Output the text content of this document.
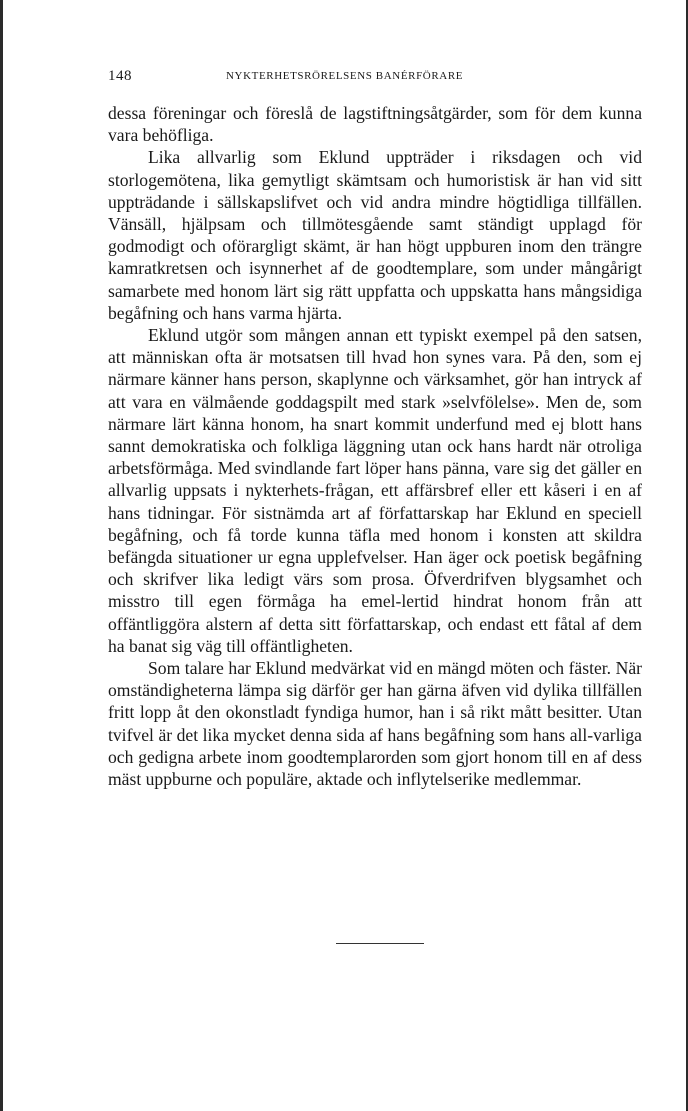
148	NYKTERHETSRÖRELSENS BANÉRFÖRARE

dessa föreningar och föreslå de lagstiftningsåtgärder, som för dem kunna vara behöfliga.

Lika allvarlig som Eklund uppträder i riksdagen och vid storlogemötena, lika gemytligt skämtsam och humoristisk är han vid sitt uppträdande i sällskapslifvet och vid andra mindre högtidliga tillfällen. Vänsäll, hjälpsam och tillmötesgående samt ständigt upplagd för godmodigt och oförargligt skämt, är han högt uppburen inom den trängre kamratkretsen och isynnerhet af de goodtemplare, som under mångårigt samarbete med honom lärt sig rätt uppfatta och uppskatta hans mångsidiga begåfning och hans varma hjärta.

Eklund utgör som mången annan ett typiskt exempel på den satsen, att människan ofta är motsatsen till hvad hon synes vara. På den, som ej närmare känner hans person, skaplynne och värksamhet, gör han intryck af att vara en välmående goddagspilt med stark »selvfölelse». Men de, som närmare lärt känna honom, ha snart kommit underfund med ej blott hans sannt demokratiska och folkliga läggning utan ock hans hardt när otroliga arbetsförmåga. Med svindlande fart löper hans pänna, vare sig det gäller en allvarlig uppsats i nykterhets-frågan, ett affärsbref eller ett kåseri i en af hans tidningar. För sistnämda art af författarskap har Eklund en speciell begåfning, och få torde kunna täfla med honom i konsten att skildra befängda situationer ur egna upplefvelser. Han äger ock poetisk begåfning och skrifver lika ledigt värs som prosa. Öfverdrifven blygsamhet och misstro till egen förmåga ha emel-lertid hindrat honom från att offäntliggöra alstern af detta sitt författarskap, och endast ett fåtal af dem ha banat sig väg till offäntligheten.

Som talare har Eklund medvärkat vid en mängd möten och fäster. När omständigheterna lämpa sig därför ger han gärna äfven vid dylika tillfällen fritt lopp åt den okonstladt fyndiga humor, han i så rikt mått besitter. Utan tvifvel är det lika mycket denna sida af hans begåfning som hans all-varliga och gedigna arbete inom goodtemplarorden som gjort honom till en af dess mäst uppburne och populäre, aktade och inflytelserike medlemmar.
